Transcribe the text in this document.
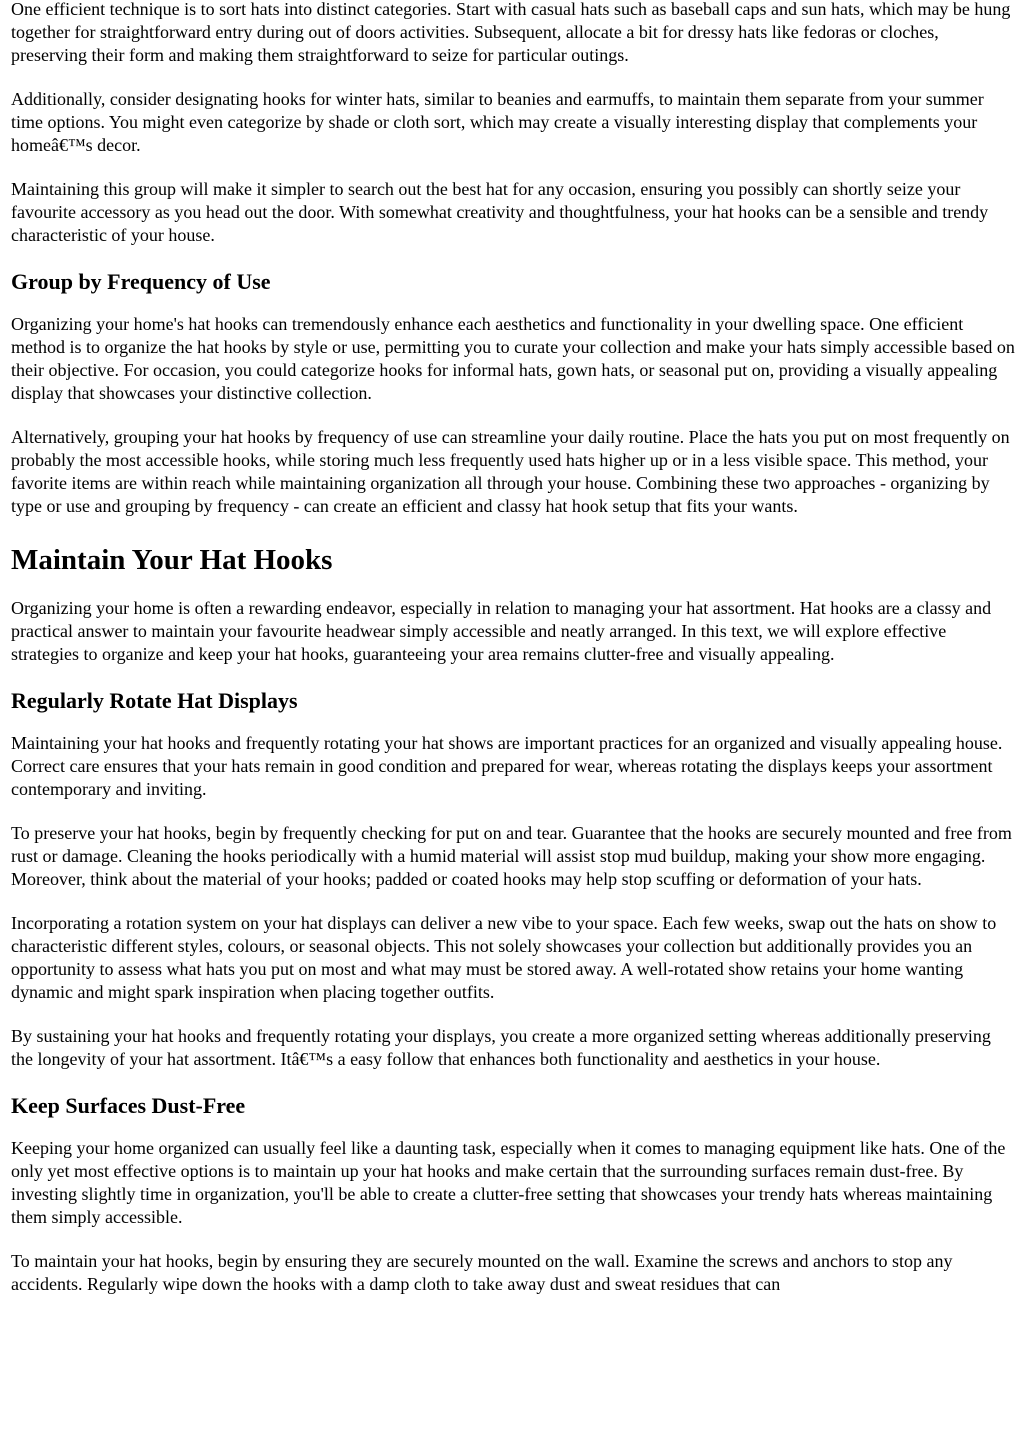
One efficient technique is to sort hats into distinct categories. Start with casual hats such as baseball caps and sun hats, which may be hung together for straightforward entry during out of doors activities. Subsequent, allocate a bit for dressy hats like fedoras or cloches, preserving their form and making them straightforward to seize for particular outings.

Additionally, consider designating hooks for winter hats, similar to beanies and earmuffs, to maintain them separate from your summer time options. You might even categorize by shade or cloth sort, which may create a visually interesting display that complements your homeâ€™s decor.

Maintaining this group will make it simpler to search out the best hat for any occasion, ensuring you possibly can shortly seize your favourite accessory as you head out the door. With somewhat creativity and thoughtfulness, your hat hooks can be a sensible and trendy characteristic of your house.

Group by Frequency of Use

Organizing your home's hat hooks can tremendously enhance each aesthetics and functionality in your dwelling space. One efficient method is to organize the hat hooks by style or use, permitting you to curate your collection and make your hats simply accessible based on their objective. For occasion, you could categorize hooks for informal hats, gown hats, or seasonal put on, providing a visually appealing display that showcases your distinctive collection.

Alternatively, grouping your hat hooks by frequency of use can streamline your daily routine. Place the hats you put on most frequently on probably the most accessible hooks, while storing much less frequently used hats higher up or in a less visible space. This method, your favorite items are within reach while maintaining organization all through your house. Combining these two approaches - organizing by type or use and grouping by frequency - can create an efficient and classy hat hook setup that fits your wants.

Maintain Your Hat Hooks

Organizing your home is often a rewarding endeavor, especially in relation to managing your hat assortment. Hat hooks are a classy and practical answer to maintain your favourite headwear simply accessible and neatly arranged. In this text, we will explore effective strategies to organize and keep your hat hooks, guaranteeing your area remains clutter-free and visually appealing.

Regularly Rotate Hat Displays

Maintaining your hat hooks and frequently rotating your hat shows are important practices for an organized and visually appealing house. Correct care ensures that your hats remain in good condition and prepared for wear, whereas rotating the displays keeps your assortment contemporary and inviting.

To preserve your hat hooks, begin by frequently checking for put on and tear. Guarantee that the hooks are securely mounted and free from rust or damage. Cleaning the hooks periodically with a humid material will assist stop mud buildup, making your show more engaging. Moreover, think about the material of your hooks; padded or coated hooks may help stop scuffing or deformation of your hats.

Incorporating a rotation system on your hat displays can deliver a new vibe to your space. Each few weeks, swap out the hats on show to characteristic different styles, colours, or seasonal objects. This not solely showcases your collection but additionally provides you an opportunity to assess what hats you put on most and what may must be stored away. A well-rotated show retains your home wanting dynamic and might spark inspiration when placing together outfits.

By sustaining your hat hooks and frequently rotating your displays, you create a more organized setting whereas additionally preserving the longevity of your hat assortment. Itâ€™s a easy follow that enhances both functionality and aesthetics in your house.

Keep Surfaces Dust-Free

Keeping your home organized can usually feel like a daunting task, especially when it comes to managing equipment like hats. One of the only yet most effective options is to maintain up your hat hooks and make certain that the surrounding surfaces remain dust-free. By investing slightly time in organization, you'll be able to create a clutter-free setting that showcases your trendy hats whereas maintaining them simply accessible.

To maintain your hat hooks, begin by ensuring they are securely mounted on the wall. Examine the screws and anchors to stop any accidents. Regularly wipe down the hooks with a damp cloth to take away dust and sweat residues that can
